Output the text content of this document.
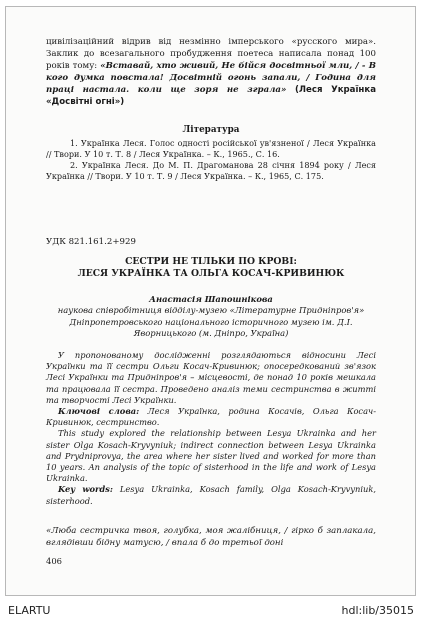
цивілізаційний відрив від незмінно імперського «русского мира». Заклик до всезагального пробудження поетеса написала понад 100 років тому: «Вставай, хто живий, Не бійся досвітньої мли, / - В кого думка повстала! Досвітній огонь запали, / Година для праці настала. коли ще зоря не зграла» (Леся Українка «Досвітні огні»)
Література

1. Українка Леся. Голос одності російської ув'язненої / Леся Українка // Твори. У 10 т. Т. 8 / Леся Українка. – К., 1965., С. 16.

2. Українка Леся. До М. П. Драгоманова 28 січня 1894 року / Леся Українка // Твори. У 10 т. Т. 9 / Леся Українка. – К., 1965, С. 175.

УДК 821.161.2+929
СЕСТРИ НЕ ТІЛЬКИ ПО КРОВІ:
ЛЕСЯ УКРАЇНКА ТА ОЛЬГА КОСАЧ-КРИВИНЮК
Анастасія Шапошнікова
наукова співробітниця відділу-музею «Літературне Придніпров'я» Дніпропетровського національного історичного музею ім. Д.І. Яворницького (м. Дніпро, Україна)

У пропонованому дослідженні розглядаються відносини Лесі Українки та її сестри Ольги Косач-Кривинюк; опосередкований зв'язок Лесі Українки та Придніпров'я – місцевості, де понад 10 років мешкала та працювала її сестра. Проведено аналіз теми сестринства в житті та творчості Лесі Українки.

Ключові слова: Леся Українка, родина Косачів, Ольга Косач-Кривинюк, сестринство.

This study explored the relationship between Lesya Ukrainka and her sister Olga Kosach-Kryvyniuk; indirect connection between Lesya Ukrainka and Prydniprovya, the area where her sister lived and worked for more than 10 years. An analysis of the topic of sisterhood in the life and work of Lesya Ukrainka.

Key words: Lesya Ukrainka, Kosach family, Olga Kosach-Kryvyniuk, sisterhood.

«Люба сестричка твоя, голубка, моя жалібниця, / гірко б заплакала, вглядівши бідну матусю, / впала б до третьої доні
406
ELARTU	hdl:lib/35015
